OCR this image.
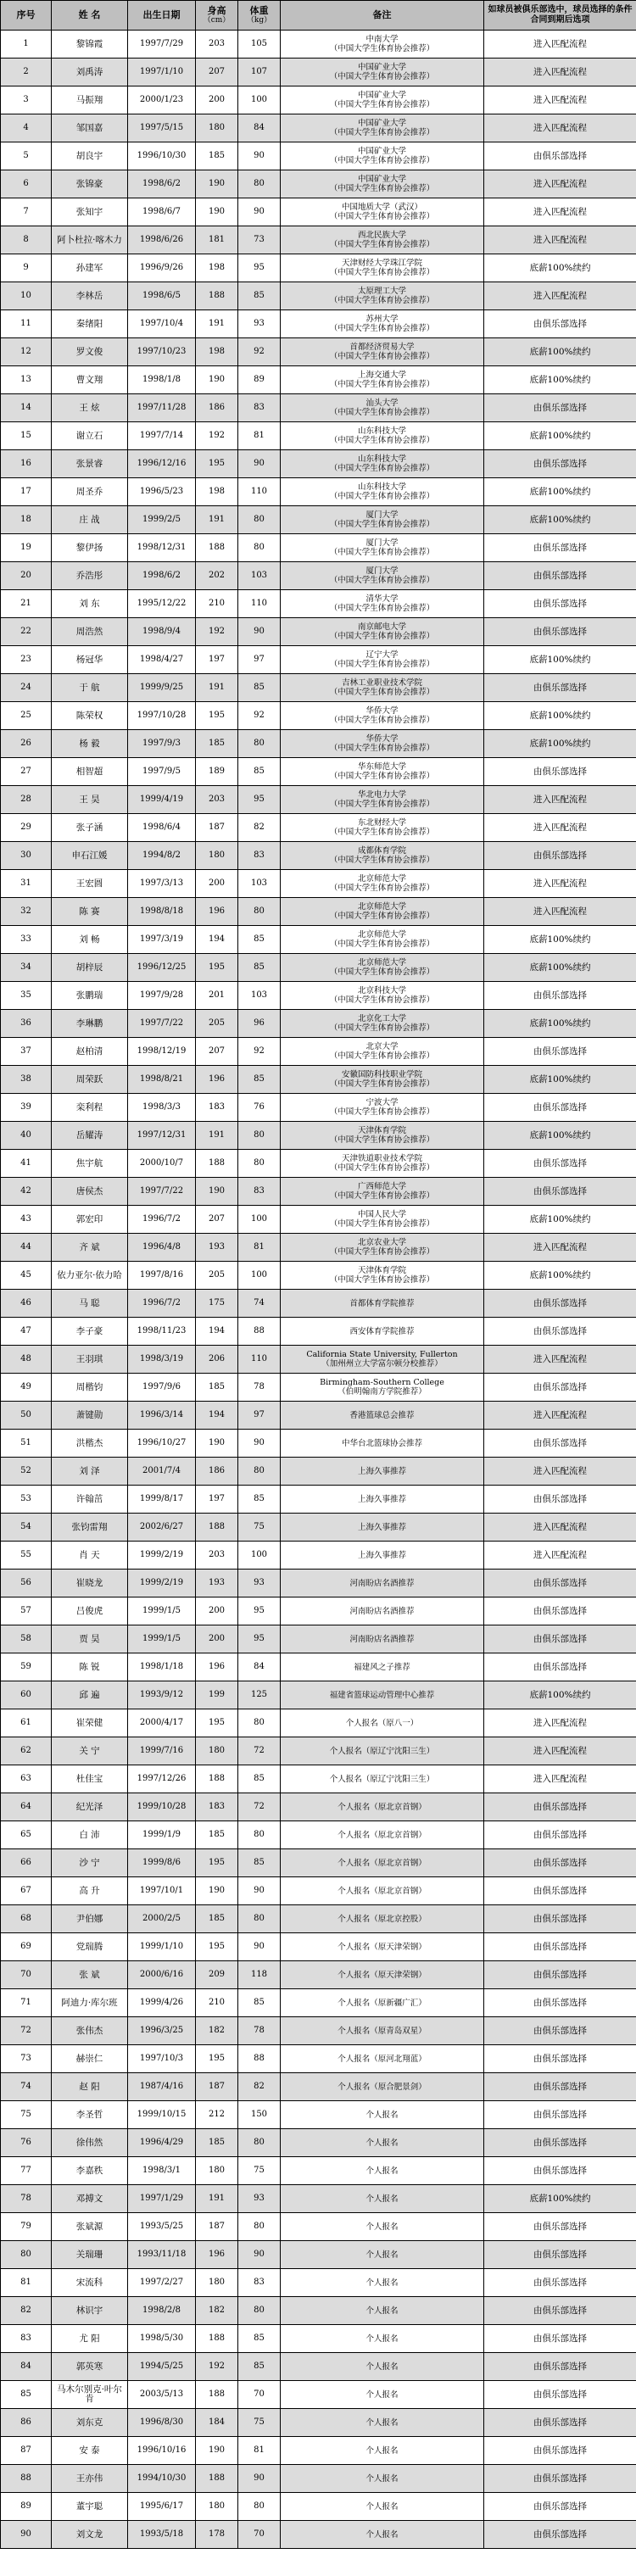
序号	姓 名	出生日期	身高
（cm）	体重
（kg）	备注	如球员被俱乐部选中，球员选择的条件合同到期后选项
1	黎锦霞	1997/7/29	203	105	中南大学
（中国大学生体育协会推荐）	进入匹配流程
2	刘禹涛	1997/1/10	207	107	中国矿业大学
（中国大学生体育协会推荐）	进入匹配流程
3	马振翔	2000/1/23	200	100	中国矿业大学
（中国大学生体育协会推荐）	进入匹配流程
4	邹国嘉	1997/5/15	180	84	中国矿业大学
（中国大学生体育协会推荐）	进入匹配流程
5	胡良宇	1996/10/30	185	90	中国矿业大学
（中国大学生体育协会推荐）	由俱乐部选择
6	张锦豪	1998/6/2	190	80	中国矿业大学
（中国大学生体育协会推荐）	进入匹配流程
7	张知宇	1998/6/7	190	90	中国地质大学（武汉）
（中国大学生体育协会推荐）	进入匹配流程
8	阿卜杜拉·喀木力	1998/6/26	181	73	西北民族大学
（中国大学生体育协会推荐）	进入匹配流程
9	孙建军	1996/9/26	198	95	天津财经大学珠江学院
（中国大学生体育协会推荐）	底薪100%续约
10	李林岳	1998/6/5	188	85	太原理工大学
（中国大学生体育协会推荐）	进入匹配流程
11	秦绪阳	1997/10/4	191	93	苏州大学
（中国大学生体育协会推荐）	由俱乐部选择
12	罗文俊	1997/10/23	198	92	首都经济贸易大学
（中国大学生体育协会推荐）	底薪100%续约
13	曹文翔	1998/1/8	190	89	上海交通大学
（中国大学生体育协会推荐）	底薪100%续约
14	王 炫	1997/11/28	186	83	汕头大学
（中国大学生体育协会推荐）	由俱乐部选择
15	谢立石	1997/7/14	192	81	山东科技大学
（中国大学生体育协会推荐）	底薪100%续约
16	张景睿	1996/12/16	195	90	山东科技大学
（中国大学生体育协会推荐）	由俱乐部选择
17	周圣乔	1996/5/23	198	110	山东科技大学
（中国大学生体育协会推荐）	底薪100%续约
18	庄 战	1999/2/5	191	80	厦门大学
（中国大学生体育协会推荐）	底薪100%续约
19	黎伊扬	1998/12/31	188	80	厦门大学
（中国大学生体育协会推荐）	由俱乐部选择
20	乔浩彤	1998/6/2	202	103	厦门大学
（中国大学生体育协会推荐）	由俱乐部选择
21	刘 东	1995/12/22	210	110	清华大学
（中国大学生体育协会推荐）	由俱乐部选择
22	周浩然	1998/9/4	192	90	南京邮电大学
（中国大学生体育协会推荐）	由俱乐部选择
23	杨冠华	1998/4/27	197	97	辽宁大学
（中国大学生体育协会推荐）	底薪100%续约
24	于 航	1999/9/25	191	85	吉林工业职业技术学院
（中国大学生体育协会推荐）	由俱乐部选择
25	陈荣权	1997/10/28	195	92	华侨大学
（中国大学生体育协会推荐）	底薪100%续约
26	杨 毅	1997/9/3	185	80	华侨大学
（中国大学生体育协会推荐）	底薪100%续约
27	相智超	1997/9/5	189	85	华东师范大学
（中国大学生体育协会推荐）	由俱乐部选择
28	王 昊	1999/4/19	203	95	华北电力大学
（中国大学生体育协会推荐）	进入匹配流程
29	张子涵	1998/6/4	187	82	东北财经大学
（中国大学生体育协会推荐）	进入匹配流程
30	申石江媛	1994/8/2	180	83	成都体育学院
（中国大学生体育协会推荐）	由俱乐部选择
31	王宏圆	1997/3/13	200	103	北京师范大学
（中国大学生体育协会推荐）	进入匹配流程
32	陈 赛	1998/8/18	196	80	北京师范大学
（中国大学生体育协会推荐）	进入匹配流程
33	刘 畅	1997/3/19	194	85	北京师范大学
（中国大学生体育协会推荐）	底薪100%续约
34	胡梓辰	1996/12/25	195	85	北京师范大学
（中国大学生体育协会推荐）	底薪100%续约
35	张鹏瑞	1997/9/28	201	103	北京科技大学
（中国大学生体育协会推荐）	由俱乐部选择
36	李琳鹏	1997/7/22	205	96	北京化工大学
（中国大学生体育协会推荐）	底薪100%续约
37	赵柏清	1998/12/19	207	92	北京大学
（中国大学生体育协会推荐）	由俱乐部选择
38	周荣跃	1998/8/21	196	85	安徽国防科技职业学院
（中国大学生体育协会推荐）	底薪100%续约
39	栾利程	1998/3/3	183	76	宁波大学
（中国大学生体育协会推荐）	由俱乐部选择
40	岳耀涛	1997/12/31	191	80	天津体育学院
（中国大学生体育协会推荐）	底薪100%续约
41	焦宇航	2000/10/7	188	80	天津铁道职业技术学院
（中国大学生体育协会推荐）	由俱乐部选择
42	唐侯杰	1997/7/22	190	83	广西师范大学
（中国大学生体育协会推荐）	由俱乐部选择
43	郭宏印	1996/7/2	207	100	中国人民大学
（中国大学生体育协会推荐）	底薪100%续约
44	齐 斌	1996/4/8	193	81	北京农业大学
（中国大学生体育协会推荐）	进入匹配流程
45	依力亚尔·依力哈	1997/8/16	205	100	天津体育学院
（中国大学生体育协会推荐）	底薪100%续约
46	马 聪	1996/7/2	175	74	首都体育学院推荐	由俱乐部选择
47	李子豪	1998/11/23	194	88	西安体育学院推荐	由俱乐部选择
48	王羽琪	1998/3/19	206	110	California State University, Fullerton
（加州州立大学富尔顿分校推荐）	进入匹配流程
49	周楷钧	1997/9/6	185	78	Birmingham-Southern College
（伯明翰南方学院推荐）	由俱乐部选择
50	萧键勋	1996/3/14	194	97	香港篮球总会推荐	进入匹配流程
51	洪楷杰	1996/10/27	190	90	中华台北篮球协会推荐	由俱乐部选择
52	刘 泽	2001/7/4	186	80	上海久事推荐	进入匹配流程
53	许翰茁	1999/8/17	197	85	上海久事推荐	由俱乐部选择
54	张钧雷翔	2002/6/27	188	75	上海久事推荐	进入匹配流程
55	肖 天	1999/2/19	203	100	上海久事推荐	进入匹配流程
56	崔晓龙	1999/2/19	193	93	河南盼店名酒推荐	由俱乐部选择
57	吕俊虎	1999/1/5	200	95	河南盼店名酒推荐	由俱乐部选择
58	贾 昊	1999/1/5	200	95	河南盼店名酒推荐	由俱乐部选择
59	陈 锐	1998/1/18	196	84	福建风之子推荐	由俱乐部选择
60	邱 遍	1993/9/12	199	125	福建省篮球运动管理中心推荐	底薪100%续约
61	崔荣健	2000/4/17	195	80	个人报名（原八一）	进入匹配流程
62	关 宁	1999/7/16	180	72	个人报名（原辽宁沈阳三生）	进入匹配流程
63	杜佳宝	1997/12/26	188	85	个人报名（原辽宁沈阳三生）	进入匹配流程
64	纪光泽	1999/10/28	183	72	个人报名（原北京首钢）	由俱乐部选择
65	白 沛	1999/1/9	185	80	个人报名（原北京首钢）	由俱乐部选择
66	沙 宁	1999/8/6	195	85	个人报名（原北京首钢）	由俱乐部选择
67	高 升	1997/10/1	190	90	个人报名（原北京首钢）	由俱乐部选择
68	尹伯娜	2000/2/5	185	80	个人报名（原北京控股）	由俱乐部选择
69	党瑞腾	1999/1/10	195	90	个人报名（原天津荣钢）	由俱乐部选择
70	张 斌	2000/6/16	209	118	个人报名（原天津荣钢）	由俱乐部选择
71	阿迪力·库尔班	1999/4/26	210	85	个人报名（原新疆广汇）	由俱乐部选择
72	张伟杰	1996/3/25	182	78	个人报名（原青岛双星）	由俱乐部选择
73	赫崇仁	1997/10/3	195	88	个人报名（原河北翔蓝）	由俱乐部选择
74	赵 阳	1987/4/16	187	82	个人报名（原合肥景剑）	由俱乐部选择
75	李圣哲	1999/10/15	212	150	个人报名	由俱乐部选择
76	徐伟然	1996/4/29	185	80	个人报名	由俱乐部选择
77	李嘉秩	1998/3/1	180	75	个人报名	由俱乐部选择
78	邓搏文	1997/1/29	191	93	个人报名	底薪100%续约
79	张斌源	1993/5/25	187	80	个人报名	由俱乐部选择
80	关瑞珊	1993/11/18	196	90	个人报名	由俱乐部选择
81	宋流科	1997/2/27	180	83	个人报名	由俱乐部选择
82	林识宇	1998/2/8	182	80	个人报名	由俱乐部选择
83	尤 阳	1998/5/30	188	85	个人报名	由俱乐部选择
84	郭英寒	1994/5/25	192	85	个人报名	由俱乐部选择
85	马木尔别克·叶尔肯	2003/5/13	188	70	个人报名	由俱乐部选择
86	刘东克	1996/8/30	184	75	个人报名	由俱乐部选择
87	安 泰	1996/10/16	190	81	个人报名	由俱乐部选择
88	王亦伟	1994/10/30	188	90	个人报名	由俱乐部选择
89	董宇聪	1995/6/17	180	80	个人报名	由俱乐部选择
90	刘文龙	1993/5/18	178	70	个人报名	由俱乐部选择
